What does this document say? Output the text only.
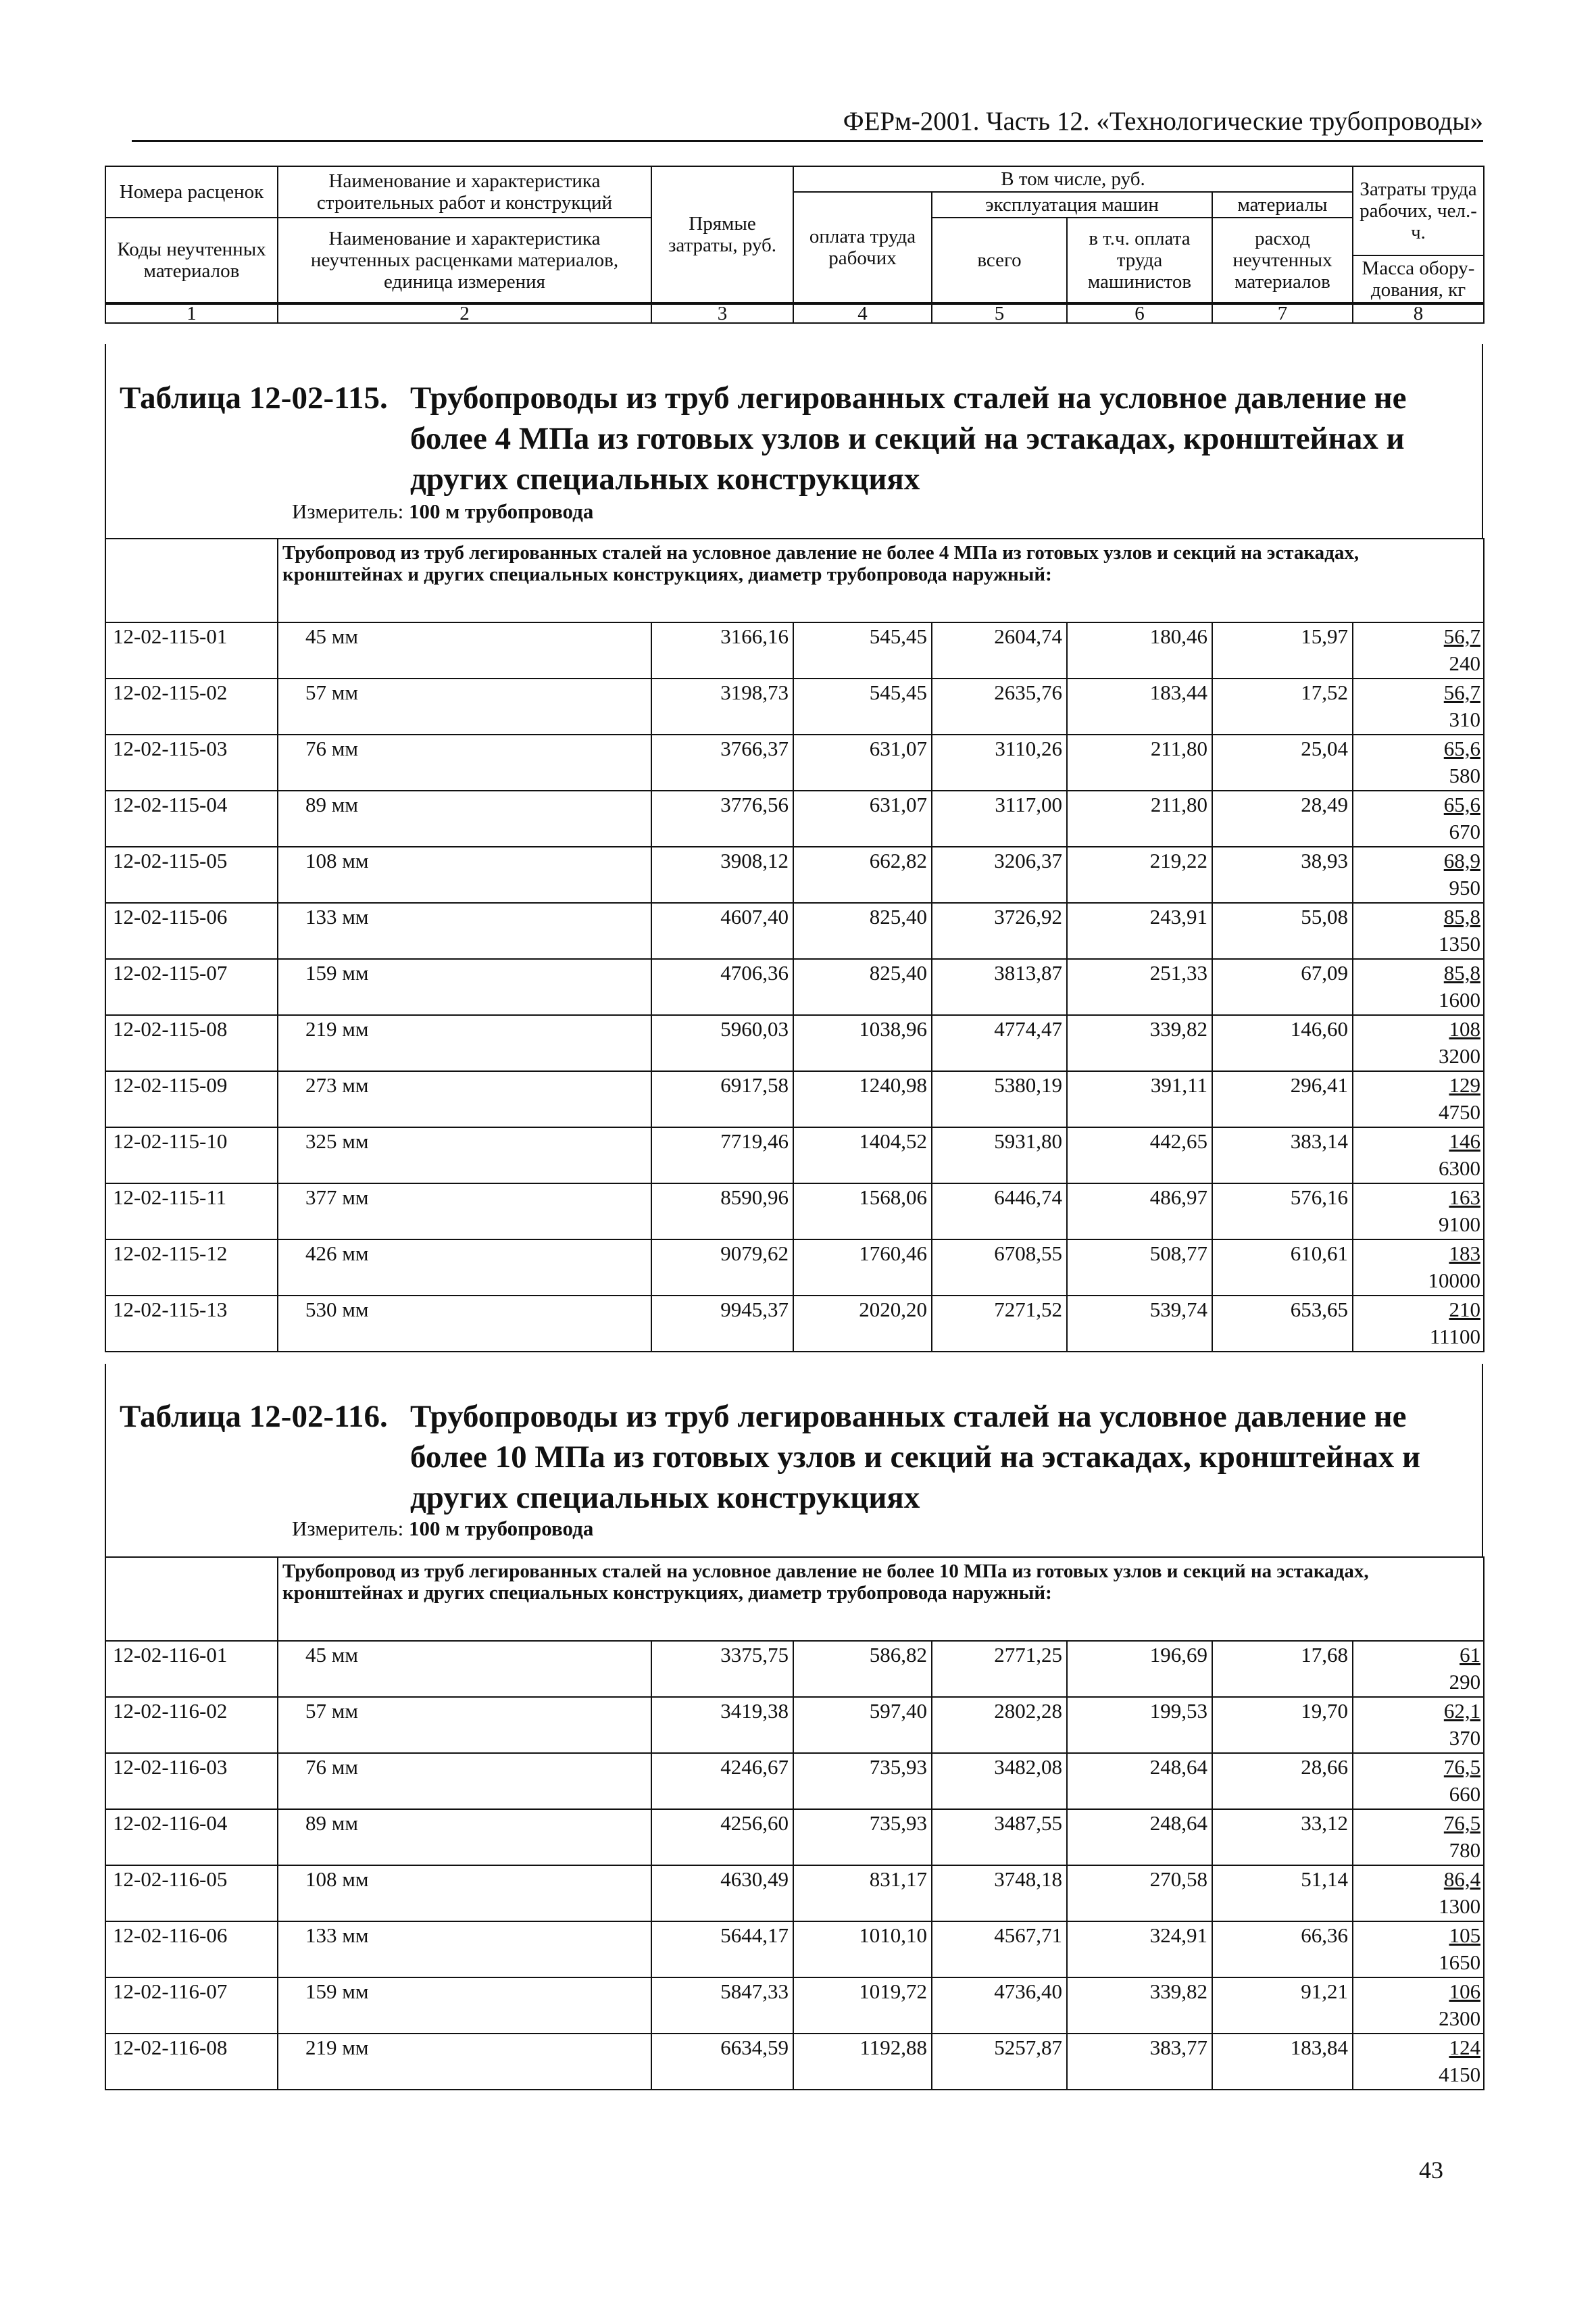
ФЕРм-2001. Часть 12. «Технологические трубопроводы»
Номера расценок	Наименование и характеристика строительных работ и конструкций	Прямые затраты, руб.	В том числе, руб.				Затраты труда рабочих, чел.-ч.
			оплата труда рабочих	эксплуатация машин		материалы	
Коды неучтенных материалов	Наименование и характеристика неучтенных расценками материалов, единица измерения			всего	в т.ч. оплата труда машинистов	расход неучтенных материалов	
							Масса обору-дования, кг
1	2	3	4	5	6	7	8
Таблица 12-02-115. Трубопроводы из труб легированных сталей на условное давление не более 4 МПа из готовых узлов и секций на эстакадах, кронштейнах и других специальных конструкциях
Измеритель: 100 м трубопровода
	Трубопровод из труб легированных сталей на условное давление не более 4 МПа из готовых узлов и секций на эстакадах, кронштейнах и других специальных конструкциях, диаметр трубопровода наружный:						
12-02-115-01	45 мм	3166,16	545,45	2604,74	180,46	15,97	56,7
240

12-02-115-02	57 мм	3198,73	545,45	2635,76	183,44	17,52	56,7
310

12-02-115-03	76 мм	3766,37	631,07	3110,26	211,80	25,04	65,6
580

12-02-115-04	89 мм	3776,56	631,07	3117,00	211,80	28,49	65,6
670

12-02-115-05	108 мм	3908,12	662,82	3206,37	219,22	38,93	68,9
950

12-02-115-06	133 мм	4607,40	825,40	3726,92	243,91	55,08	85,8
1350

12-02-115-07	159 мм	4706,36	825,40	3813,87	251,33	67,09	85,8
1600

12-02-115-08	219 мм	5960,03	1038,96	4774,47	339,82	146,60	108
3200

12-02-115-09	273 мм	6917,58	1240,98	5380,19	391,11	296,41	129
4750

12-02-115-10	325 мм	7719,46	1404,52	5931,80	442,65	383,14	146
6300

12-02-115-11	377 мм	8590,96	1568,06	6446,74	486,97	576,16	163
9100

12-02-115-12	426 мм	9079,62	1760,46	6708,55	508,77	610,61	183
10000

12-02-115-13	530 мм	9945,37	2020,20	7271,52	539,74	653,65	210
11100
Таблица 12-02-116. Трубопроводы из труб легированных сталей на условное давление не более 10 МПа из готовых узлов и секций на эстакадах, кронштейнах и других специальных конструкциях
Измеритель: 100 м трубопровода
	Трубопровод из труб легированных сталей на условное давление не более 10 МПа из готовых узлов и секций на эстакадах, кронштейнах и других специальных конструкциях, диаметр трубопровода наружный:						
12-02-116-01	45 мм	3375,75	586,82	2771,25	196,69	17,68	61
290

12-02-116-02	57 мм	3419,38	597,40	2802,28	199,53	19,70	62,1
370

12-02-116-03	76 мм	4246,67	735,93	3482,08	248,64	28,66	76,5
660

12-02-116-04	89 мм	4256,60	735,93	3487,55	248,64	33,12	76,5
780

12-02-116-05	108 мм	4630,49	831,17	3748,18	270,58	51,14	86,4
1300

12-02-116-06	133 мм	5644,17	1010,10	4567,71	324,91	66,36	105
1650

12-02-116-07	159 мм	5847,33	1019,72	4736,40	339,82	91,21	106
2300

12-02-116-08	219 мм	6634,59	1192,88	5257,87	383,77	183,84	124
4150
43
